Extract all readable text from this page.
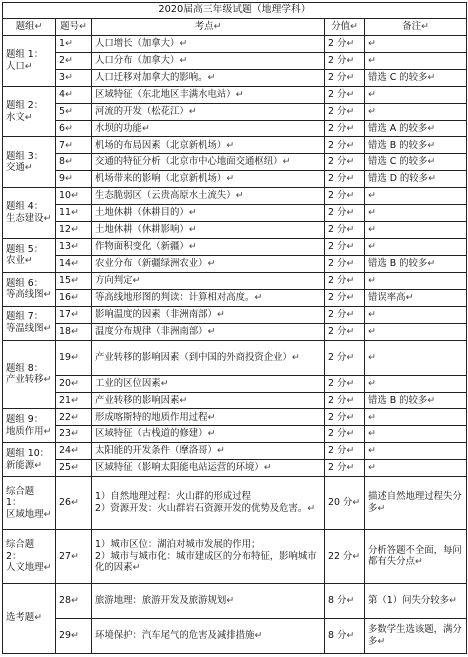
2020届高三年级试题（地理学科）				
题组↵	题号↵	考点↵	分值↵	备注↵
题组 1：
人口↵	1↵	人口增长（加拿大）↵	2 分↵	↵
	2↵	人口分布（加拿大）↵	2 分↵	↵
	3↵	人口迁移对加拿大的影响。↵	2 分↵	错选 C 的较多↵
题组 2：
水文↵	4↵	区域特征（东北地区丰满水电站）↵	2 分↵	↵
	5↵	河流的开发（松花江）↵	2 分↵	↵
	6↵	水坝的功能↵	2 分↵	错选 A 的较多↵
题组 3：
交通↵	7↵	机场的布局因素（北京新机场）↵	2 分↵	错选 B 的较多↵
	8↵	交通的特征分析（北京市中心地面交通枢纽）↵	2 分↵	错选 C 的较多↵
	9↵	机场带来的影响（北京新机场）↵	2 分↵	错选 D 的较多↵
题组 4：
生态建设↵	10↵	生态脆弱区（云贵高原水土流失）↵	2 分↵	↵
	11↵	土地休耕（休耕目的）↵	2 分↵	↵
	12↵	土地休耕（休耕影响）↵	2 分↵	↵
题组 5：
农业↵	13↵	作物面积变化（新疆）↵	2 分↵	↵
	14↵	农业分布（新疆绿洲农业）↵	2 分↵	错选 B 的较多↵
题组 6：
等高线图↵	15↵	方向判定↵	2 分↵	↵
	16↵	等高线地形图的判读：计算相对高度。↵	2 分↵	错误率高↵
题组 7：
等温线图↵	17↵	影响温度的因素（非洲南部）↵	2 分↵	↵
	18↵	温度分布规律（非洲南部）↵	2 分↵	↵
题组 8：
产业转移↵	19↵	产业转移的影响因素（到中国的外商投资企业）↵	2 分↵	↵
	20↵	工业的区位因素↵	2 分↵	↵
	21↵	产业转移的影响因素↵	2 分↵	错选 B 的较多↵
题组 9：
地质作用↵	22↵	形成喀斯特的地质作用过程↵	2 分↵	↵
	23↵	区域特征（古栈道的修建）↵	2 分↵	↵
题组 10：
新能源↵	24↵	太阳能的开发条件（摩洛哥）↵	2 分↵	↵
	25↵	区域特征（影响太阳能电站运营的环境）↵	2 分↵	↵
综合题 1：
区域地理↵	26↵	1）自然地理过程：火山群的形成过程
2）资源开发：火山群岩石资源开发的优势及危害。↵	20 分↵	描述自然地理过程失分多↵
综合题 2：
人文地理↵	27↵	1）城市区位：湖泊对城市发展的作用；
2）城市与城市化：城市建成区的分布特征，影响城市化的因素↵	22 分↵	分析答题不全面，每问都有失分点↵
选考题↵	28↵	旅游地理：旅游开发及旅游规划↵	8 分↵	第（1）问失分较多↵
	29↵	环境保护：汽车尾气的危害及减排措施↵	8 分↵	多数学生选该题，满分多↵
